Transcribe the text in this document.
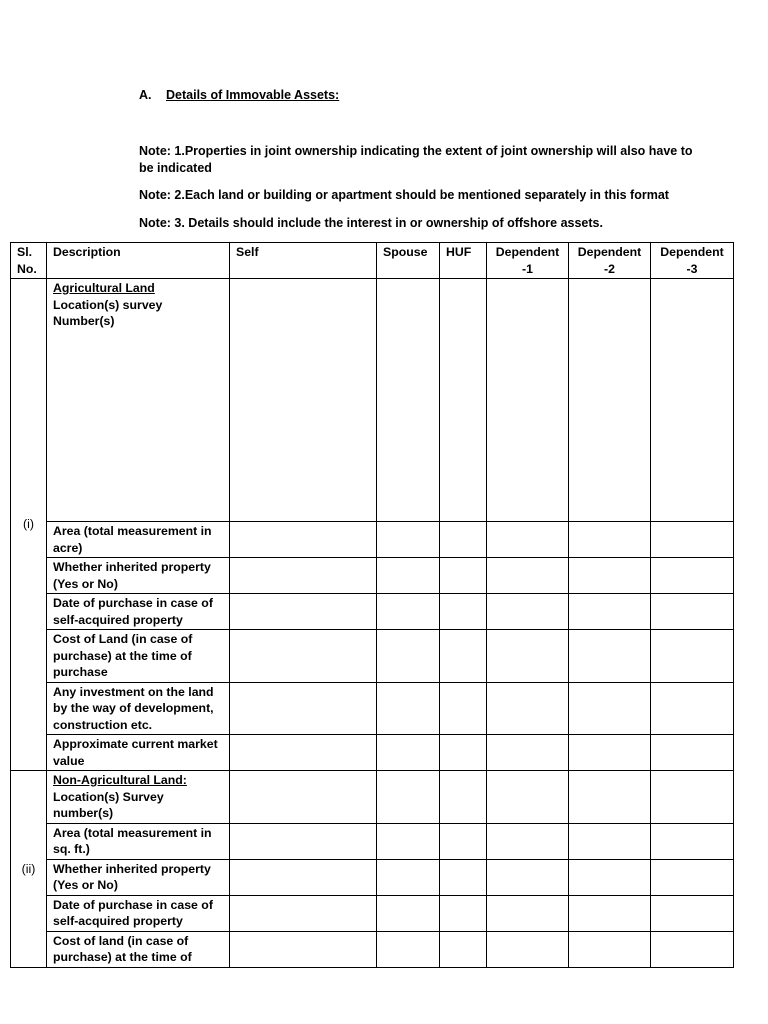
A. Details of Immovable Assets:
Note: 1.Properties in joint ownership indicating the extent of joint ownership will also have to be indicated
Note: 2.Each land or building or apartment should be mentioned separately in this format
Note: 3. Details should include the interest in or ownership of offshore assets.
Sl. No.	Description	Self	Spouse	HUF	Dependent -1	Dependent -2	Dependent -3
(i)	Agricultural Land
Location(s) survey Number(s)						

	Area (total measurement in acre)						
	Whether inherited property (Yes or No)						
	Date of purchase in case of self-acquired property						
	Cost of Land (in case of purchase) at the time of purchase						
	Any investment on the land by the way of development, construction etc.						
	Approximate current market value						
(ii)	Non-Agricultural Land:
Location(s) Survey number(s)						

	Area (total measurement in sq. ft.)						
	Whether inherited property (Yes or No)						
	Date of purchase in case of self-acquired property						
	Cost of land (in case of purchase) at the time of						
